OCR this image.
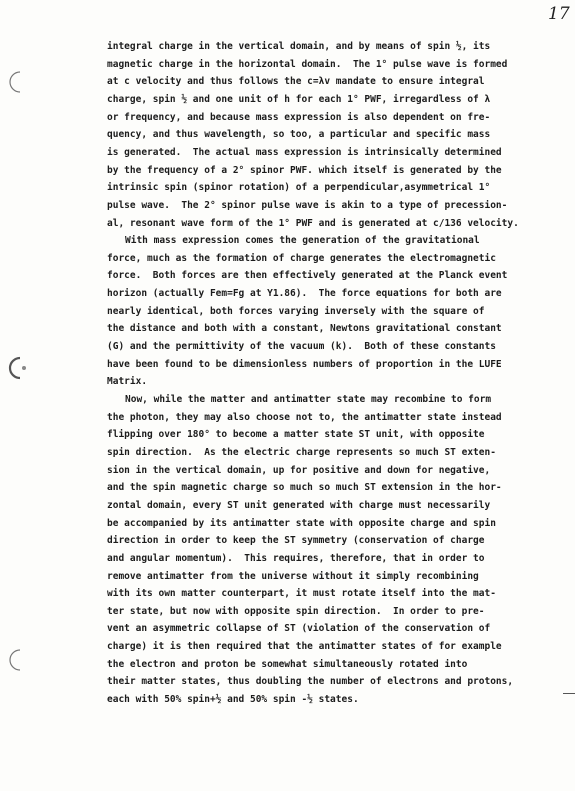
17
integral charge in the vertical domain, and by means of spin ½, its
magnetic charge in the horizontal domain.  The 1° pulse wave is formed
at c velocity and thus follows the c=λv mandate to ensure integral
charge, spin ½ and one unit of h for each 1° PWF, irregardless of λ
or frequency, and because mass expression is also dependent on fre-
quency, and thus wavelength, so too, a particular and specific mass
is generated.  The actual mass expression is intrinsically determined
by the frequency of a 2° spinor PWF. which itself is generated by the
intrinsic spin (spinor rotation) of a perpendicular,asymmetrical 1°
pulse wave.  The 2° spinor pulse wave is akin to a type of precession-
al, resonant wave form of the 1° PWF and is generated at c/136 velocity.
With mass expression comes the generation of the gravitational
force, much as the formation of charge generates the electromagnetic
force.  Both forces are then effectively generated at the Planck event
horizon (actually Fem=Fg at Y1.86).  The force equations for both are
nearly identical, both forces varying inversely with the square of
the distance and both with a constant, Newtons gravitational constant
(G) and the permittivity of the vacuum (k).  Both of these constants
have been found to be dimensionless numbers of proportion in the LUFE
Matrix.
Now, while the matter and antimatter state may recombine to form
the photon, they may also choose not to, the antimatter state instead
flipping over 180° to become a matter state ST unit, with opposite
spin direction.  As the electric charge represents so much ST exten-
sion in the vertical domain, up for positive and down for negative,
and the spin magnetic charge so much so much ST extension in the hor-
zontal domain, every ST unit generated with charge must necessarily
be accompanied by its antimatter state with opposite charge and spin
direction in order to keep the ST symmetry (conservation of charge
and angular momentum).  This requires, therefore, that in order to
remove antimatter from the universe without it simply recombining
with its own matter counterpart, it must rotate itself into the mat-
ter state, but now with opposite spin direction.  In order to pre-
vent an asymmetric collapse of ST (violation of the conservation of
charge) it is then required that the antimatter states of for example
the electron and proton be somewhat simultaneously rotated into
their matter states, thus doubling the number of electrons and protons,
each with 50% spin+½ and 50% spin -½ states.
